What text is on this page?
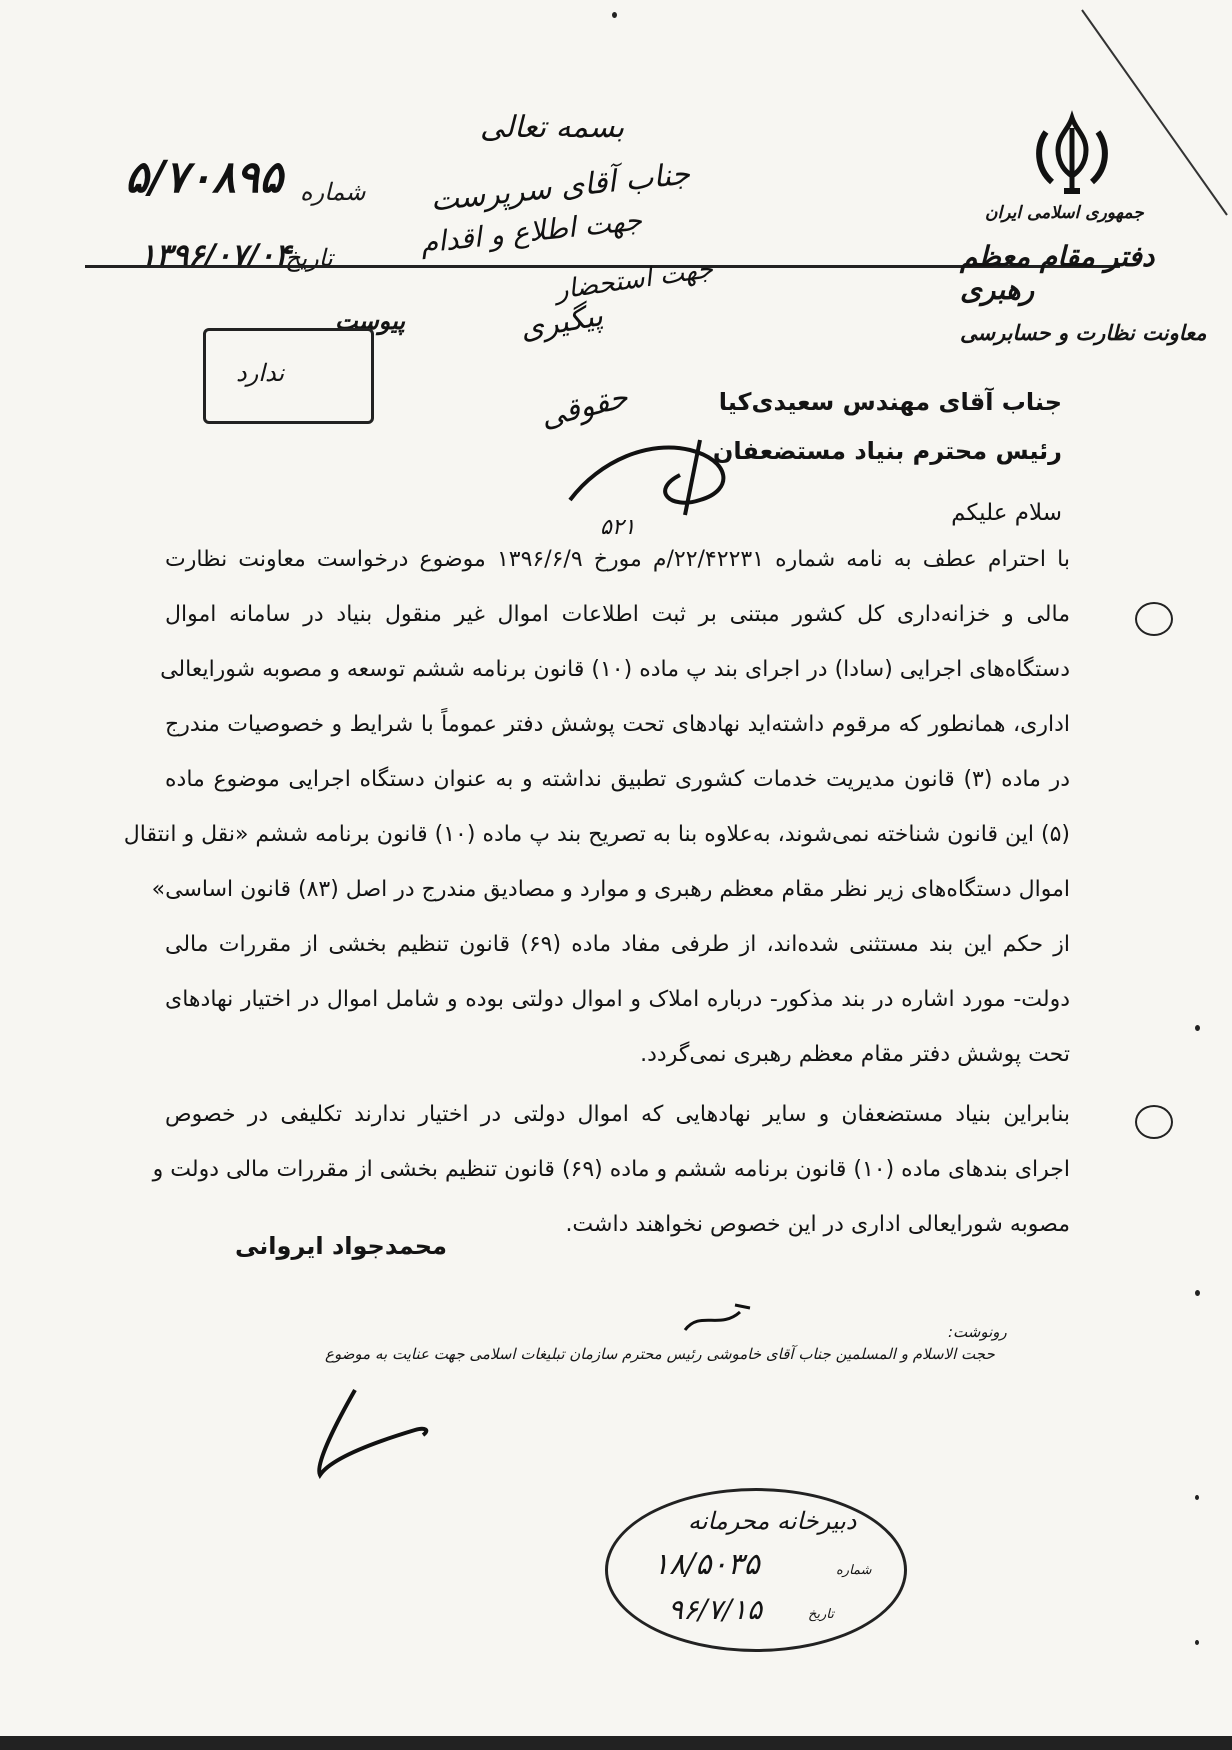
۵/۷۰۸۹۵ شماره
۱۳۹۶/۰۷/۰۴
تاریخ
پیوست
ندارد
جمهوری اسلامی ایران
دفتر مقام معظم رهبری
معاونت نظارت و حسابرسی
بسمه تعالی
جناب آقای سرپرست
جهت اطلاع و اقدام
جهت استحضار
پیگیری
حقوقی
۵۲۱
جناب آقای مهندس سعیدی‌کیا
رئیس محترم بنیاد مستضعفان
سلام علیکم
با احترام عطف به نامه شماره ۲۲/۴۲۲۳۱/م مورخ ۱۳۹۶/۶/۹ موضوع درخواست معاونت نظارت
مالی و خزانه‌داری کل کشور مبتنی بر ثبت اطلاعات اموال غیر منقول بنیاد در سامانه اموال
دستگاه‌های اجرایی (سادا) در اجرای بند پ ماده (۱۰) قانون برنامه ششم توسعه و مصوبه شورایعالی
اداری، همانطور که مرقوم داشته‌اید نهادهای تحت پوشش دفتر عموماً با شرایط و خصوصیات مندرج
در ماده (۳) قانون مدیریت خدمات کشوری تطبیق نداشته و به عنوان دستگاه اجرایی موضوع ماده
(۵) این قانون شناخته نمی‌شوند، به‌علاوه بنا به تصریح بند پ ماده (۱۰) قانون برنامه ششم «نقل و انتقال
اموال دستگاه‌های زیر نظر مقام معظم رهبری و موارد و مصادیق مندرج در اصل (۸۳) قانون اساسی»
از حکم این بند مستثنی شده‌اند، از طرفی مفاد ماده (۶۹) قانون تنظیم بخشی از مقررات مالی
دولت- مورد اشاره در بند مذکور- درباره املاک و اموال دولتی بوده و شامل اموال در اختیار نهادهای
تحت پوشش دفتر مقام معظم رهبری نمی‌گردد.
بنابراین بنیاد مستضعفان و سایر نهادهایی که اموال دولتی در اختیار ندارند تکلیفی در خصوص
اجرای بندهای ماده (۱۰) قانون برنامه ششم و ماده (۶۹) قانون تنظیم بخشی از مقررات مالی دولت و
مصوبه شورایعالی اداری در این خصوص نخواهند داشت.
محمدجواد ایروانی
رونوشت:
حجت الاسلام و المسلمین جناب آقای خاموشی رئیس محترم سازمان تبلیغات اسلامی جهت عنایت به موضوع
دبیرخانه محرمانه
شماره
۱۸/۵۰۳۵
تاریخ
۹۶/۷/۱۵
